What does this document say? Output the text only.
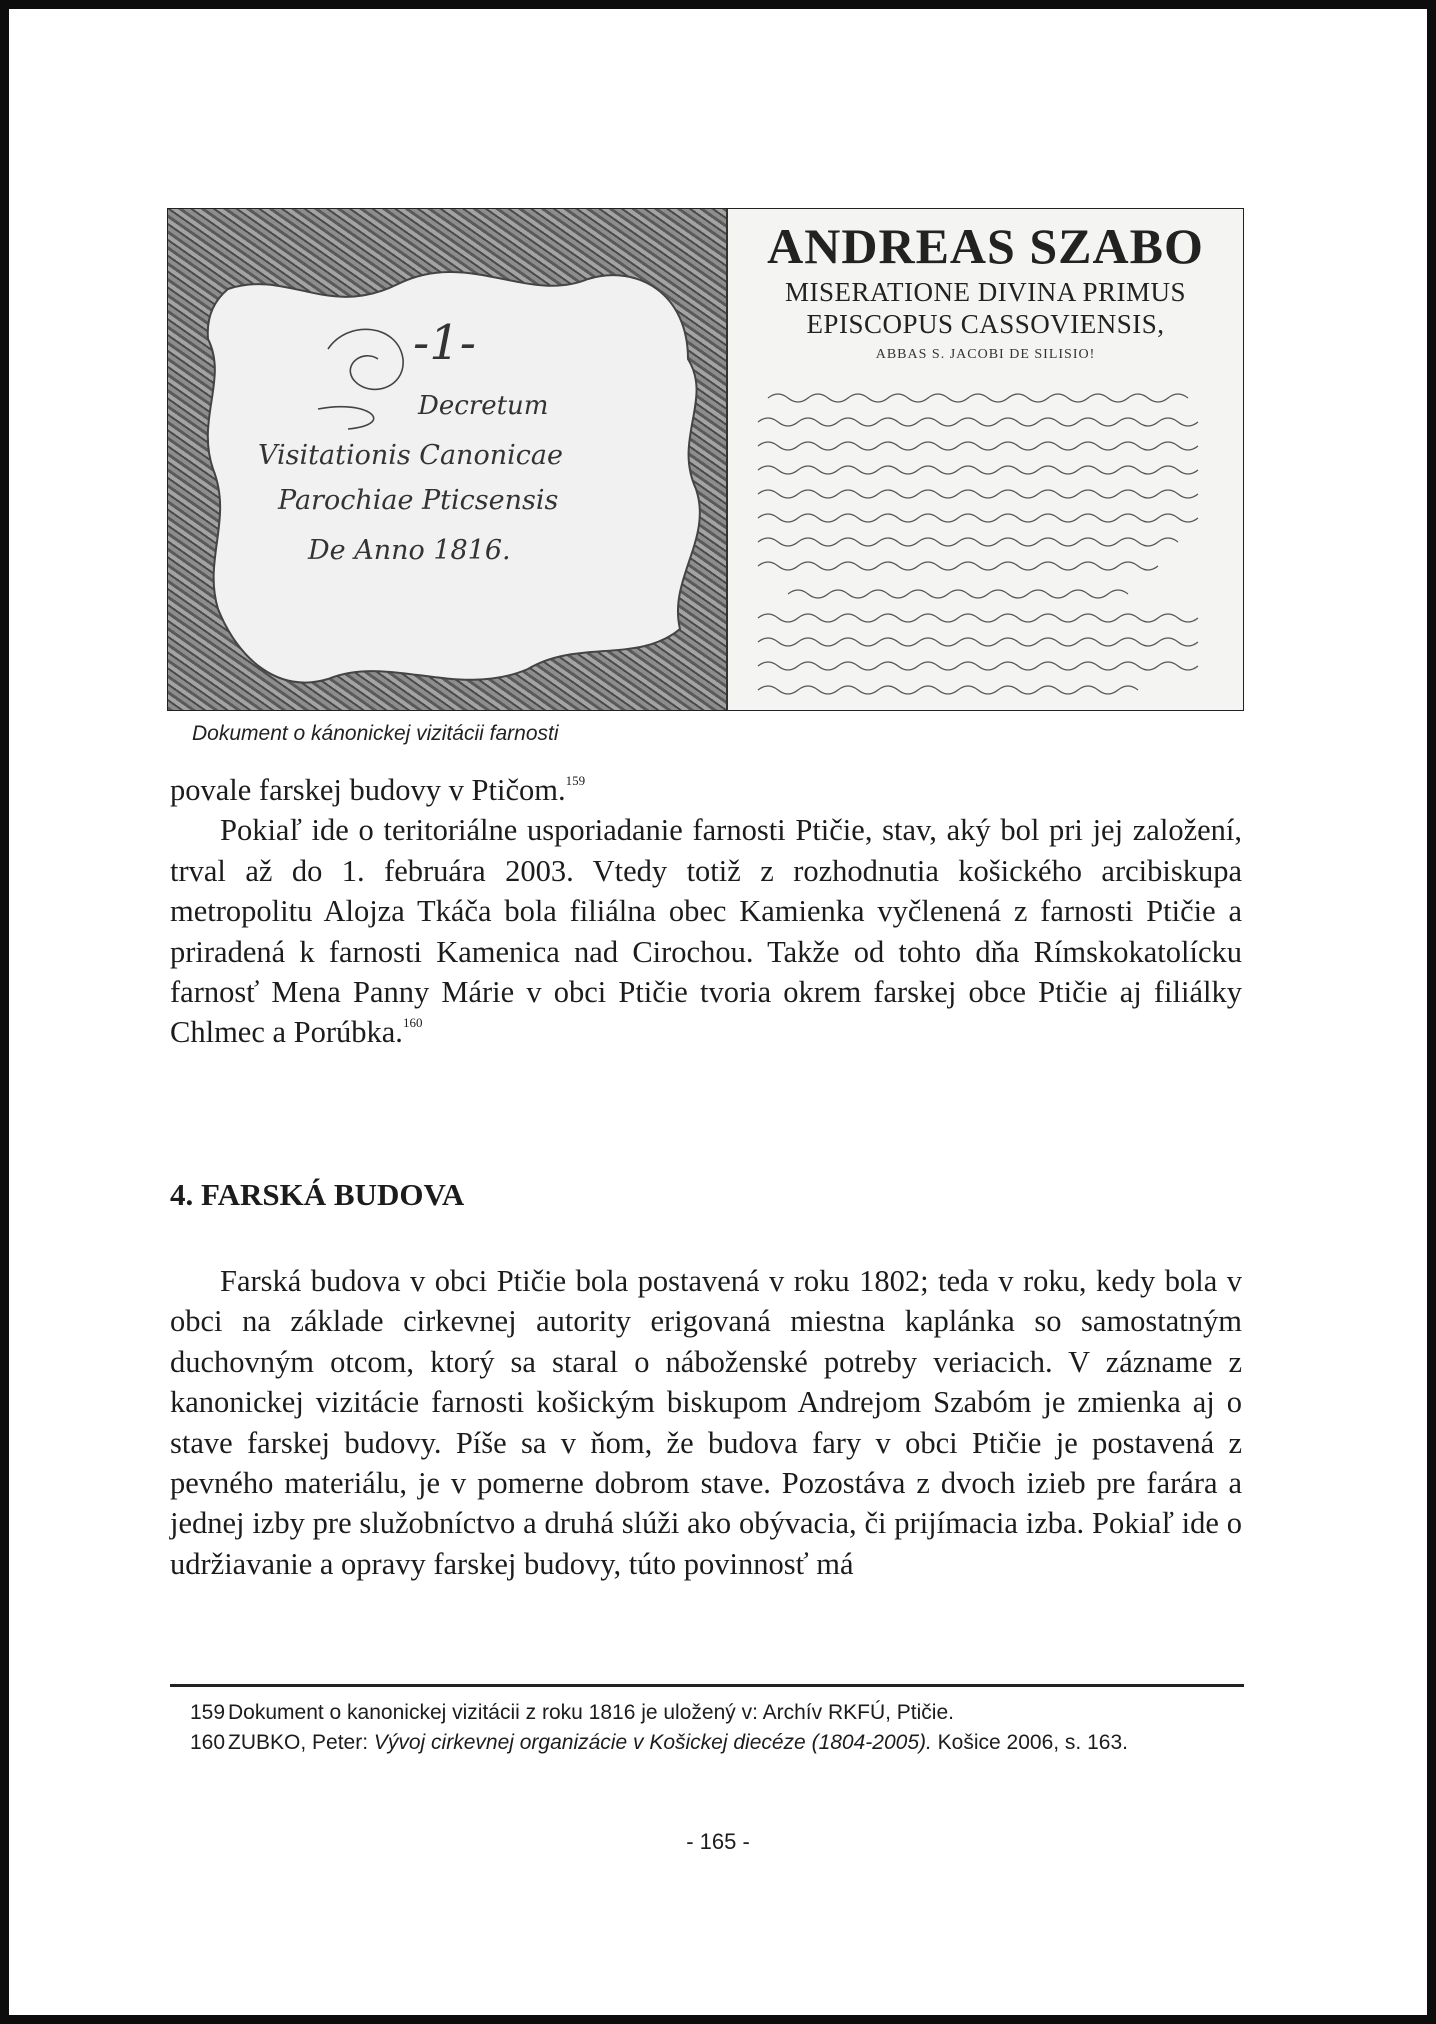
-1-
Decretum
Visitationis Canonicae
Parochiae Pticsensis
De Anno 1816.
ANDREAS SZABO
MISERATIONE DIVINA PRIMUS
EPISCOPUS CASSOVIENSIS,
ABBAS S. JACOBI DE SILISIO!
Dokument o kánonickej vizitácii farnosti

povale farskej budovy v Ptičom.$^{159}$

Pokiaľ ide o teritoriálne usporiadanie farnosti Ptičie, stav, aký bol pri jej založení, trval až do 1. februára 2003. Vtedy totiž z rozhodnutia košického arcibiskupa metropolitu Alojza Tkáča bola filiálna obec Kamienka vyčlenená z farnosti Ptičie a priradená k farnosti Kamenica nad Cirochou. Takže od tohto dňa Rímskokatolícku farnosť Mena Panny Márie v obci Ptičie tvoria okrem farskej obce Ptičie aj filiálky Chlmec a Porúbka.$^{160}$

4. FARSKÁ BUDOVA

Farská budova v obci Ptičie bola postavená v roku 1802; teda v roku, kedy bola v obci na základe cirkevnej autority erigovaná miestna kaplánka so samostatným duchovným otcom, ktorý sa staral o náboženské potreby veriacich. V zázname z kanonickej vizitácie farnosti košickým biskupom Andrejom Szabóm je zmienka aj o stave farskej budovy. Píše sa v ňom, že budova fary v obci Ptičie je postavená z pevného materiálu, je v pomerne dobrom stave. Pozostáva z dvoch izieb pre farára a jednej izby pre služobníctvo a druhá slúži ako obývacia, či prijímacia izba. Pokiaľ ide o udržiavanie a opravy farskej budovy, túto povinnosť má

159 Dokument o kanonickej vizitácii z roku 1816 je uložený v: Archív RKFÚ, Ptičie.
160 ZUBKO, Peter: Vývoj cirkevnej organizácie v Košickej diecéze (1804-2005). Košice 2006, s. 163.
- 165 -
